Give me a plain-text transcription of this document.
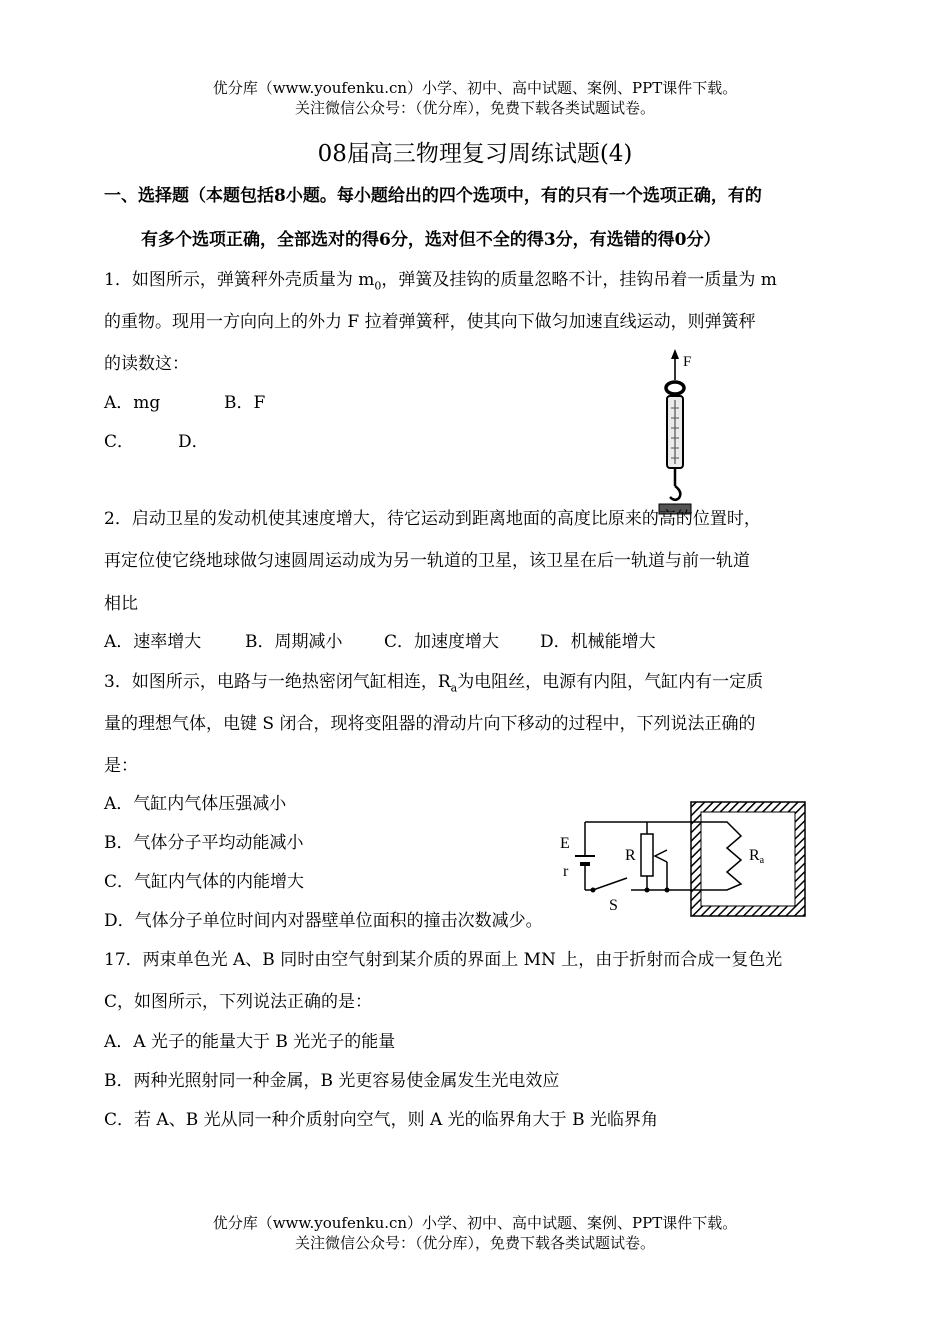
优分库（www.youfenku.cn）小学、初中、高中试题、案例、PPT课件下载。
关注微信公众号：（优分库），免费下载各类试题试卷。
08届高三物理复习周练试题(4)
一、选择题（本题包括8小题。每小题给出的四个选项中，有的只有一个选项正确，有的
有多个选项正确，全部选对的得6分，选对但不全的得3分，有选错的得0分）
1．如图所示，弹簧秤外壳质量为 $m_0$，弹簧及挂钩的质量忽略不计，挂钩吊着一质量为 m
的重物。现用一方向向上的外力 F 拉着弹簧秤，使其向下做匀加速直线运动，则弹簧秤
的读数这：
A．mg	B．F
C．	D．
F
2．启动卫星的发动机使其速度增大，待它运动到距离地面的高度比原来的高的位置时，
再定位使它绕地球做匀速圆周运动成为另一轨道的卫星，该卫星在后一轨道与前一轨道
相比
A．速率增大	B．周期减小 C．加速度增大 D．机械能增大
3．如图所示，电路与一绝热密闭气缸相连，$R_a$为电阻丝，电源有内阻，气缸内有一定质
量的理想气体，电键 S 闭合，现将变阻器的滑动片向下移动的过程中，下列说法正确的
是：
A．气缸内气体压强减小
B．气体分子平均动能减小
C．气缸内气体的内能增大
D．气体分子单位时间内对器壁单位面积的撞击次数减少。
E
r
S
R	Ra
17．两束单色光 A、B 同时由空气射到某介质的界面上 MN 上，由于折射而合成一复色光
C，如图所示，下列说法正确的是：
A．A 光子的能量大于 B 光光子的能量
B．两种光照射同一种金属，B 光更容易使金属发生光电效应
C．若 A、B 光从同一种介质射向空气，则 A 光的临界角大于 B 光临界角
优分库（www.youfenku.cn）小学、初中、高中试题、案例、PPT课件下载。
关注微信公众号：（优分库），免费下载各类试题试卷。
